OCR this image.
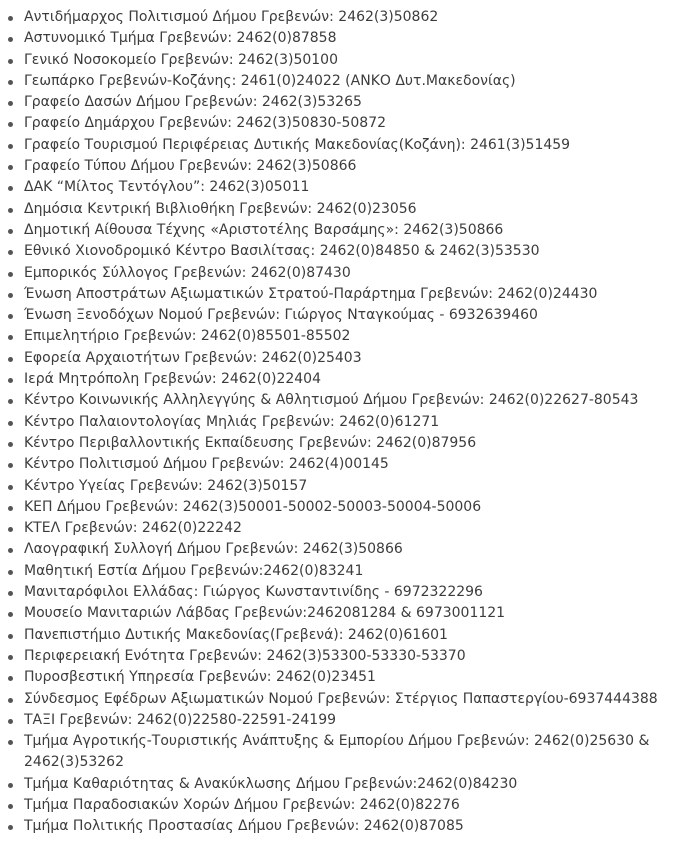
Αντιδήμαρχος Πολιτισμού Δήμου Γρεβενών: 2462(3)50862
Αστυνομικό Τμήμα Γρεβενών: 2462(0)87858
Γενικό Νοσοκομείο Γρεβενών: 2462(3)50100
Γεωπάρκο Γρεβενών-Κοζάνης: 2461(0)24022 (ΑΝΚΟ Δυτ.Μακεδονίας)
Γραφείο Δασών Δήμου Γρεβενών: 2462(3)53265
Γραφείο Δημάρχου Γρεβενών: 2462(3)50830-50872
Γραφείο Τουρισμού Περιφέρειας Δυτικής Μακεδονίας(Κοζάνη): 2461(3)51459
Γραφείο Τύπου Δήμου Γρεβενών: 2462(3)50866
ΔΑΚ “Μίλτος Τεντόγλου”: 2462(3)05011
Δημόσια Κεντρική Βιβλιοθήκη Γρεβενών: 2462(0)23056
Δημοτική Αίθουσα Τέχνης «Αριστοτέλης Βαρσάμης»: 2462(3)50866
Εθνικό Χιονοδρομικό Κέντρο Βασιλίτσας: 2462(0)84850 & 2462(3)53530
Εμπορικός Σύλλογος Γρεβενών: 2462(0)87430
Ένωση Αποστράτων Αξιωματικών Στρατού-Παράρτημα Γρεβενών: 2462(0)24430
Ένωση Ξενοδόχων Νομού Γρεβενών: Γιώργος Νταγκούμας - 6932639460
Επιμελητήριο Γρεβενών: 2462(0)85501-85502
Εφορεία Αρχαιοτήτων Γρεβενών: 2462(0)25403
Ιερά Μητρόπολη Γρεβενών: 2462(0)22404
Κέντρο Κοινωνικής Αλληλεγγύης & Αθλητισμού Δήμου Γρεβενών: 2462(0)22627-80543
Κέντρο Παλαιοντολογίας Μηλιάς Γρεβενών: 2462(0)61271
Κέντρο Περιβαλλοντικής Εκπαίδευσης Γρεβενών: 2462(0)87956
Κέντρο Πολιτισμού Δήμου Γρεβενών: 2462(4)00145
Κέντρο Υγείας Γρεβενών: 2462(3)50157
ΚΕΠ Δήμου Γρεβενών: 2462(3)50001-50002-50003-50004-50006
ΚΤΕΛ Γρεβενών: 2462(0)22242
Λαογραφική Συλλογή Δήμου Γρεβενών: 2462(3)50866
Μαθητική Εστία Δήμου Γρεβενών:2462(0)83241
Μανιταρόφιλοι Ελλάδας: Γιώργος Κωνσταντινίδης - 6972322296
Μουσείο Μανιταριών Λάβδας Γρεβενών:2462081284 & 6973001121
Πανεπιστήμιο Δυτικής Μακεδονίας(Γρεβενά): 2462(0)61601
Περιφερειακή Ενότητα Γρεβενών: 2462(3)53300-53330-53370
Πυροσβεστική Υπηρεσία Γρεβενών: 2462(0)23451
Σύνδεσμος Εφέδρων Αξιωματικών Νομού Γρεβενών: Στέργιος Παπαστεργίου-6937444388
ΤΑΞΙ Γρεβενών: 2462(0)22580-22591-24199
Τμήμα Αγροτικής-Τουριστικής Ανάπτυξης & Εμπορίου Δήμου Γρεβενών: 2462(0)25630 & 2462(3)53262
Τμήμα Καθαριότητας & Ανακύκλωσης Δήμου Γρεβενών:2462(0)84230
Τμήμα Παραδοσιακών Χορών Δήμου Γρεβενών: 2462(0)82276
Τμήμα Πολιτικής Προστασίας Δήμου Γρεβενών: 2462(0)87085
